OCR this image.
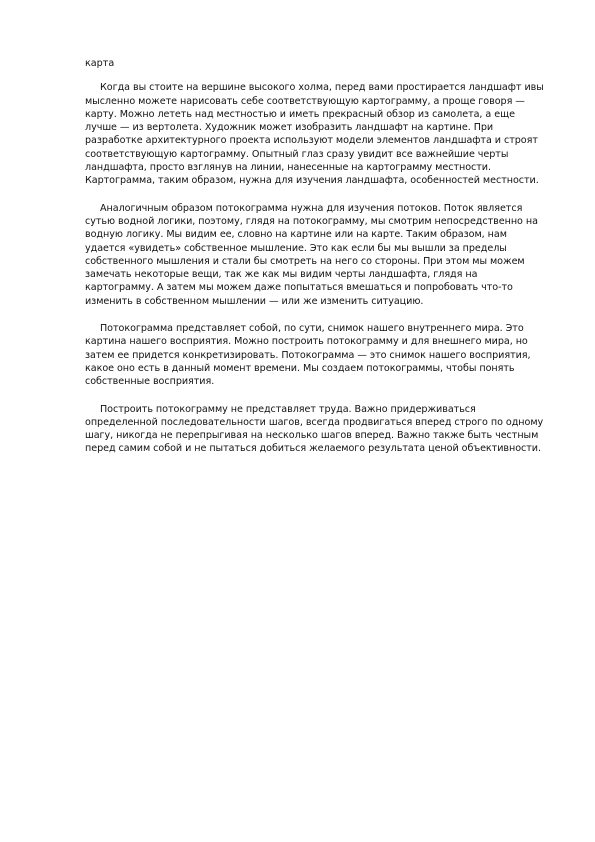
карта

Когда вы стоите на вершине высокого холма, перед вами простирается ландшафт ивы мысленно можете нарисовать себе соответствующую картограмму, а проще говоря — карту. Можно лететь над местностью и иметь прекрасный обзор из самолета, а еще лучше — из вертолета. Художник может изобразить ландшафт на картине. При разработке архитектурного проекта используют модели элементов ландшафта и строят соответствующую картограмму. Опытный глаз сразу увидит все важнейшие черты ландшафта, просто взглянув на линии, нанесенные на картограмму местности. Картограмма, таким образом, нужна для изучения ландшафта, особенностей местности.

Аналогичным образом потокограмма нужна для изучения потоков. Поток является сутью водной логики, поэтому, глядя на потокограмму, мы смотрим непосредственно на водную логику. Мы видим ее, словно на картине или на карте. Таким образом, нам удается «увидеть» собственное мышление. Это как если бы мы вышли за пределы собственного мышления и стали бы смотреть на него со стороны. При этом мы можем замечать некоторые вещи, так же как мы видим черты ландшафта, глядя на картограмму. А затем мы можем даже попытаться вмешаться и попробовать что-то изменить в собственном мышлении — или же изменить ситуацию.

Потокограмма представляет собой, по сути, снимок нашего внутреннего мира. Это картина нашего восприятия. Можно построить потокограмму и для внешнего мира, но затем ее придется конкретизировать. Потокограмма — это снимок нашего восприятия, какое оно есть в данный момент времени. Мы создаем потокограммы, чтобы понять собственные восприятия.

Построить потокограмму не представляет труда. Важно придерживаться определенной последовательности шагов, всегда продвигаться вперед строго по одному шагу, никогда не перепрыгивая на несколько шагов вперед. Важно также быть честным перед самим собой и не пытаться добиться желаемого результата ценой объективности.
